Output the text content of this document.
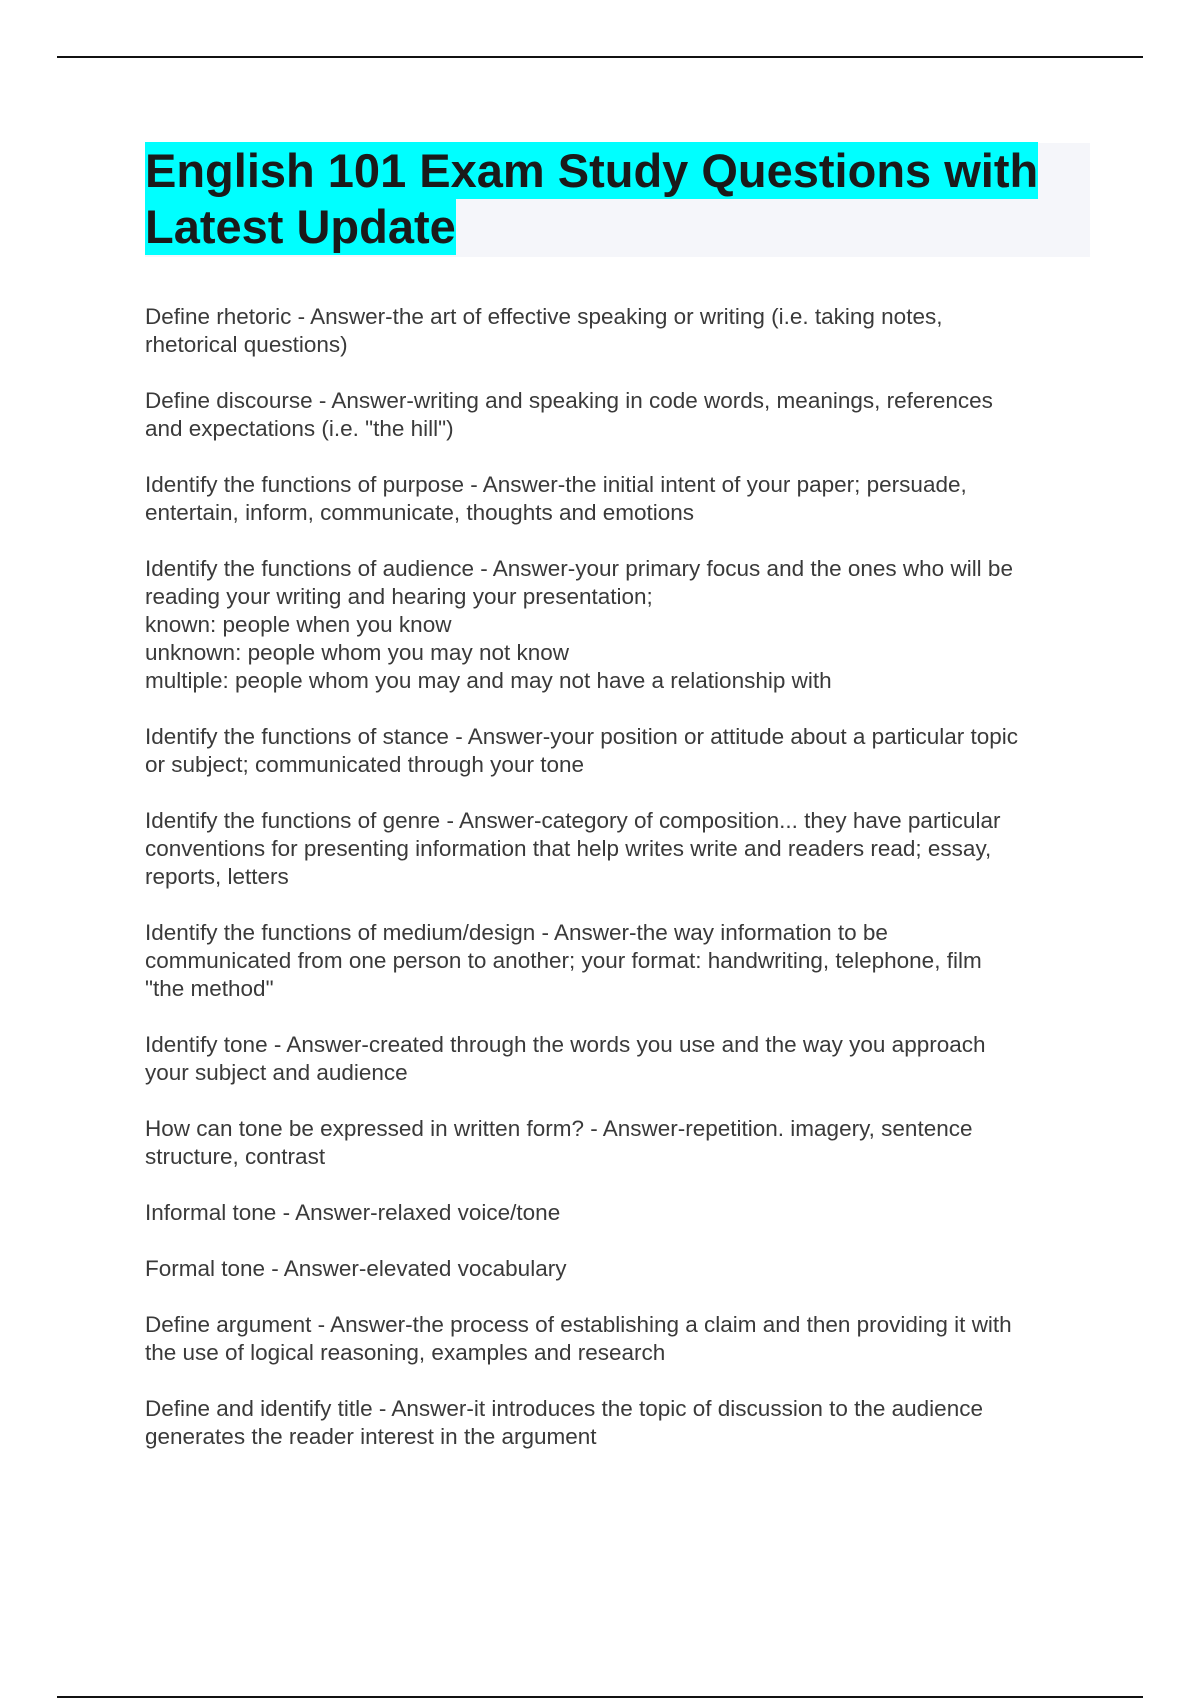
English 101 Exam Study Questions with
Latest Update

Define rhetoric - Answer-the art of effective speaking or writing (i.e. taking notes,
rhetorical questions)

Define discourse - Answer-writing and speaking in code words, meanings, references
and expectations (i.e. "the hill")

Identify the functions of purpose - Answer-the initial intent of your paper; persuade,
entertain, inform, communicate, thoughts and emotions

Identify the functions of audience - Answer-your primary focus and the ones who will be
reading your writing and hearing your presentation;
known: people when you know
unknown: people whom you may not know
multiple: people whom you may and may not have a relationship with

Identify the functions of stance - Answer-your position or attitude about a particular topic
or subject; communicated through your tone

Identify the functions of genre - Answer-category of composition... they have particular
conventions for presenting information that help writes write and readers read; essay,
reports, letters

Identify the functions of medium/design - Answer-the way information to be
communicated from one person to another; your format: handwriting, telephone, film
"the method"

Identify tone - Answer-created through the words you use and the way you approach
your subject and audience

How can tone be expressed in written form? - Answer-repetition. imagery, sentence
structure, contrast

Informal tone - Answer-relaxed voice/tone

Formal tone - Answer-elevated vocabulary

Define argument - Answer-the process of establishing a claim and then providing it with
the use of logical reasoning, examples and research

Define and identify title - Answer-it introduces the topic of discussion to the audience
generates the reader interest in the argument
